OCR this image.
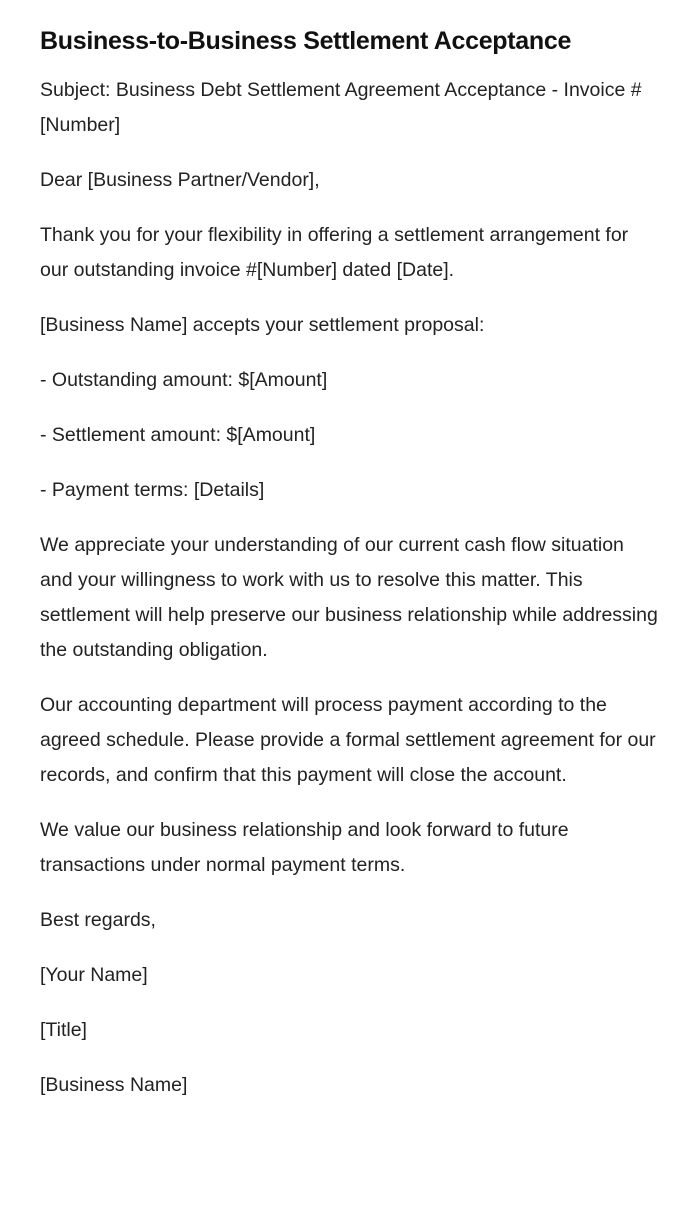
Business-to-Business Settlement Acceptance

Subject: Business Debt Settlement Agreement Acceptance - Invoice #[Number]

Dear [Business Partner/Vendor],

Thank you for your flexibility in offering a settlement arrangement for our outstanding invoice #[Number] dated [Date].

[Business Name] accepts your settlement proposal:

- Outstanding amount: $[Amount]

- Settlement amount: $[Amount]

- Payment terms: [Details]

We appreciate your understanding of our current cash flow situation and your willingness to work with us to resolve this matter. This settlement will help preserve our business relationship while addressing the outstanding obligation.

Our accounting department will process payment according to the agreed schedule. Please provide a formal settlement agreement for our records, and confirm that this payment will close the account.

We value our business relationship and look forward to future transactions under normal payment terms.

Best regards,

[Your Name]

[Title]

[Business Name]
